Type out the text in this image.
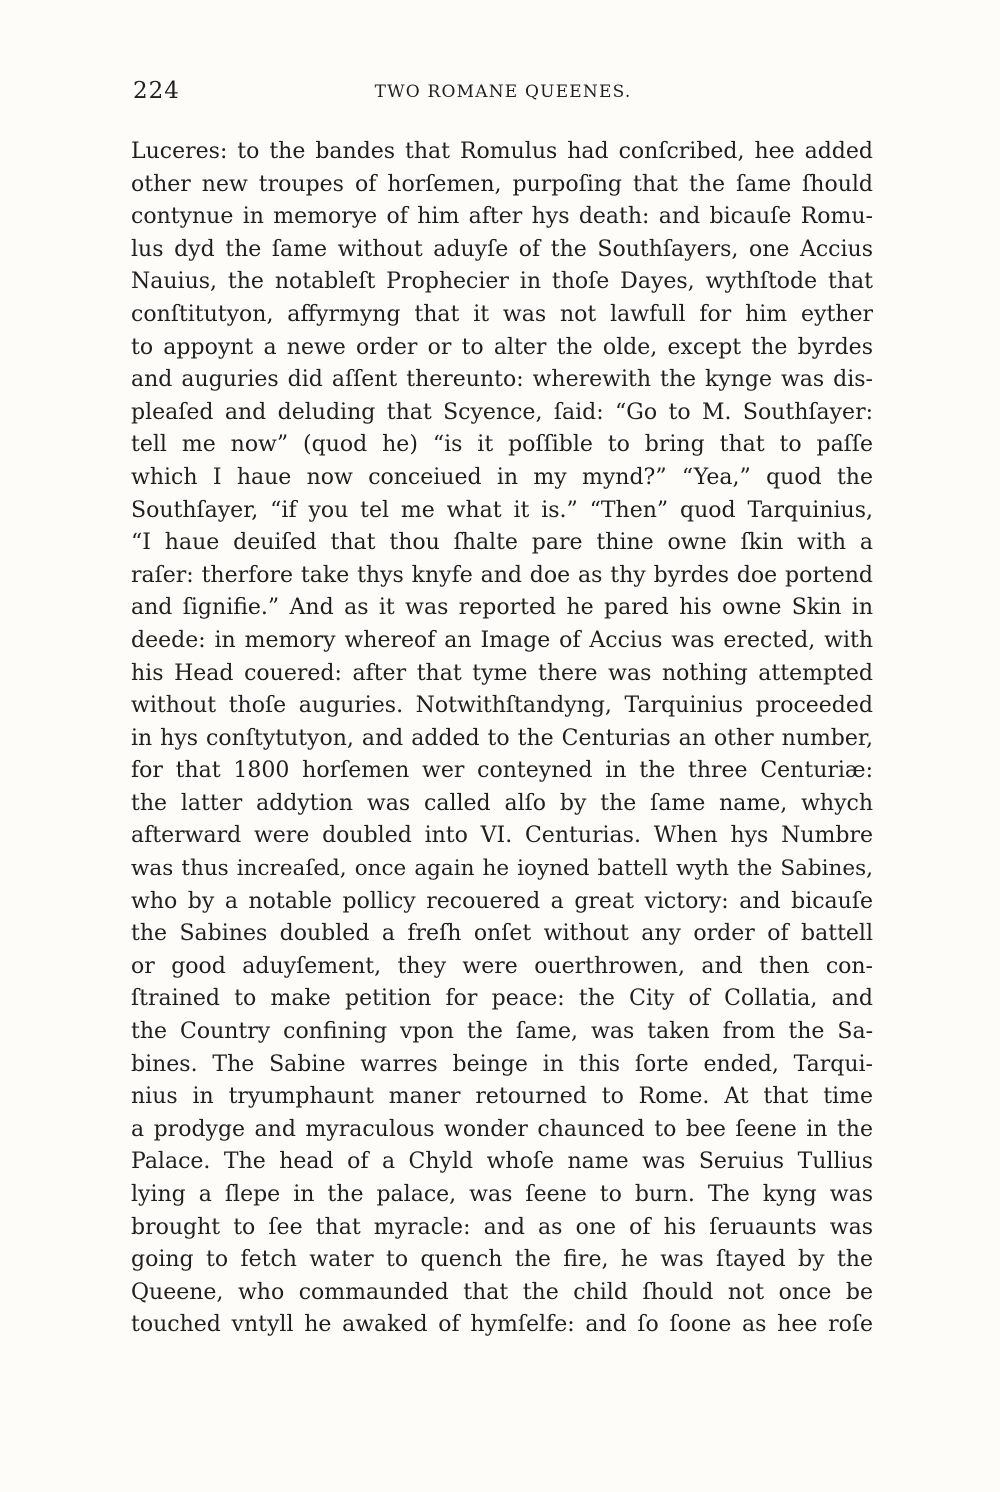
224	TWO ROMANE QUEENES.
Luceres: to the bandes that Romulus had conſcribed, hee added
other new troupes of horſemen, purpoſing that the ſame ſhould
contynue in memorye of him after hys death: and bicauſe Romu-
lus dyd the ſame without aduyſe of the Southſayers, one Accius
Nauius, the notableſt Prophecier in thoſe Dayes, wythſtode that
conſtitutyon, affyrmyng that it was not lawfull for him eyther
to appoynt a newe order or to alter the olde, except the byrdes
and auguries did aſſent thereunto: wherewith the kynge was dis-
pleaſed and deluding that Scyence, ſaid: “Go to M. Southſayer:
tell me now” (quod he) “is it poſſible to bring that to paſſe
which I haue now conceiued in my mynd?” “Yea,” quod the
Southſayer, “if you tel me what it is.” “Then” quod Tarquinius,
“I haue deuiſed that thou ſhalte pare thine owne ſkin with a
raſer: therfore take thys knyfe and doe as thy byrdes doe portend
and ſignifie.” And as it was reported he pared his owne Skin in
deede: in memory whereof an Image of Accius was erected, with
his Head couered: after that tyme there was nothing attempted
without thoſe auguries. Notwithſtandyng, Tarquinius proceeded
in hys conſtytutyon, and added to the Centurias an other number,
for that 1800 horſemen wer conteyned in the three Centuriæ:
the latter addytion was called alſo by the ſame name, whych
afterward were doubled into VI. Centurias. When hys Numbre
was thus increaſed, once again he ioyned battell wyth the Sabines,
who by a notable pollicy recouered a great victory: and bicauſe
the Sabines doubled a freſh onſet without any order of battell
or good aduyſement, they were ouerthrowen, and then con-
ſtrained to make petition for peace: the City of Collatia, and
the Country confining vpon the ſame, was taken from the Sa-
bines. The Sabine warres beinge in this ſorte ended, Tarqui-
nius in tryumphaunt maner retourned to Rome. At that time
a prodyge and myraculous wonder chaunced to bee ſeene in the
Palace. The head of a Chyld whoſe name was Seruius Tullius
lying a ſlepe in the palace, was ſeene to burn. The kyng was
brought to ſee that myracle: and as one of his ſeruaunts was
going to fetch water to quench the fire, he was ſtayed by the
Queene, who commaunded that the child ſhould not once be
touched vntyll he awaked of hymſelfe: and ſo ſoone as hee roſe
